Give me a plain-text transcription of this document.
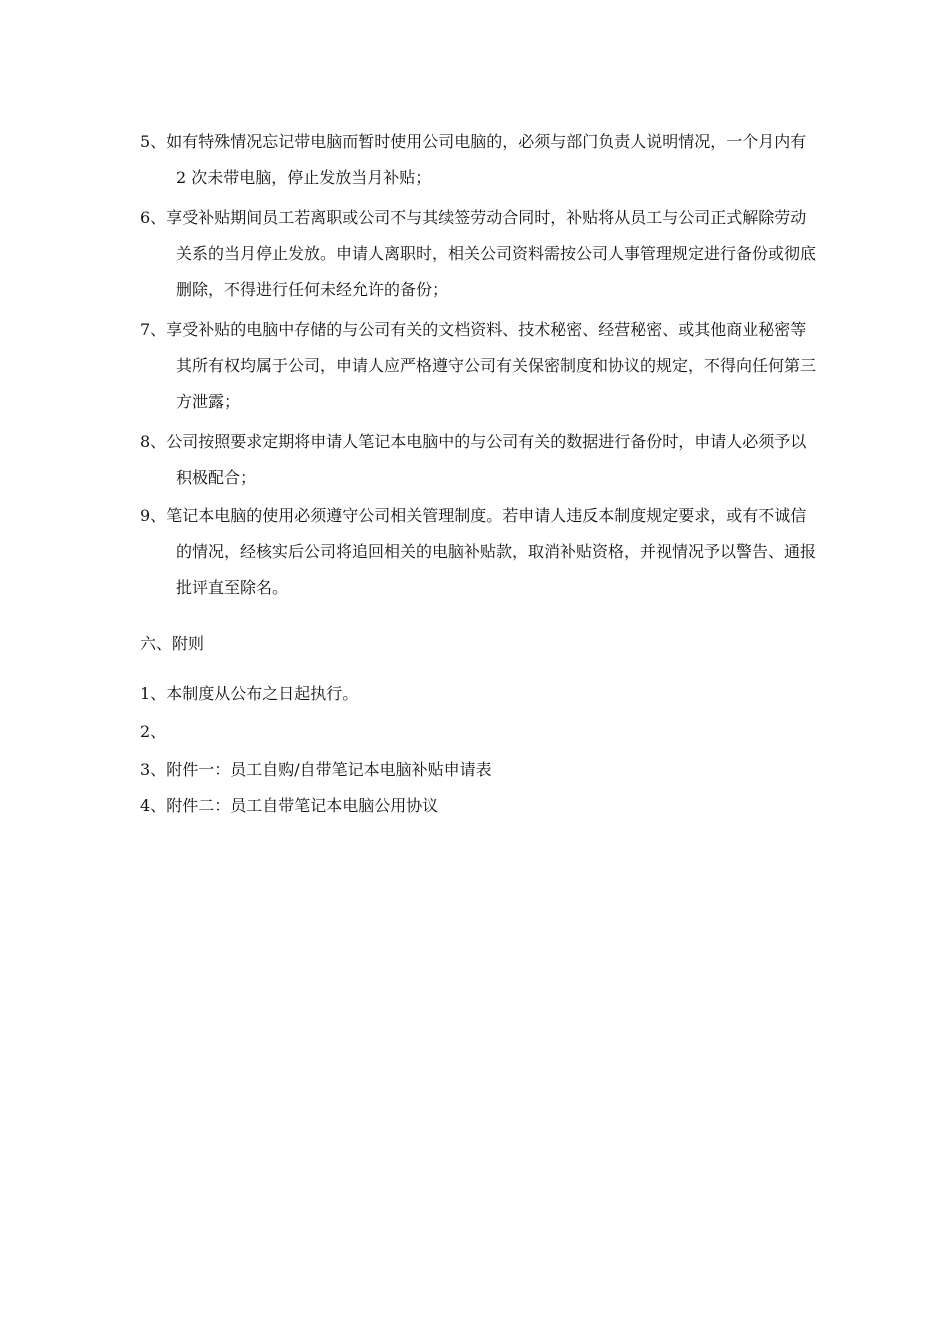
5、如有特殊情况忘记带电脑而暂时使用公司电脑的，必须与部门负责人说明情况，一个月内有 2 次未带电脑，停止发放当月补贴；
6、享受补贴期间员工若离职或公司不与其续签劳动合同时，补贴将从员工与公司正式解除劳动关系的当月停止发放。申请人离职时，相关公司资料需按公司人事管理规定进行备份或彻底删除，不得进行任何未经允许的备份；
7、享受补贴的电脑中存储的与公司有关的文档资料、技术秘密、经营秘密、或其他商业秘密等其所有权均属于公司，申请人应严格遵守公司有关保密制度和协议的规定，不得向任何第三方泄露；
8、公司按照要求定期将申请人笔记本电脑中的与公司有关的数据进行备份时，申请人必须予以积极配合；
9、笔记本电脑的使用必须遵守公司相关管理制度。若申请人违反本制度规定要求，或有不诚信的情况，经核实后公司将追回相关的电脑补贴款，取消补贴资格，并视情况予以警告、通报批评直至除名。
六、附则
1、本制度从公布之日起执行。
2、
3、附件一：员工自购/自带笔记本电脑补贴申请表
4、附件二：员工自带笔记本电脑公用协议
